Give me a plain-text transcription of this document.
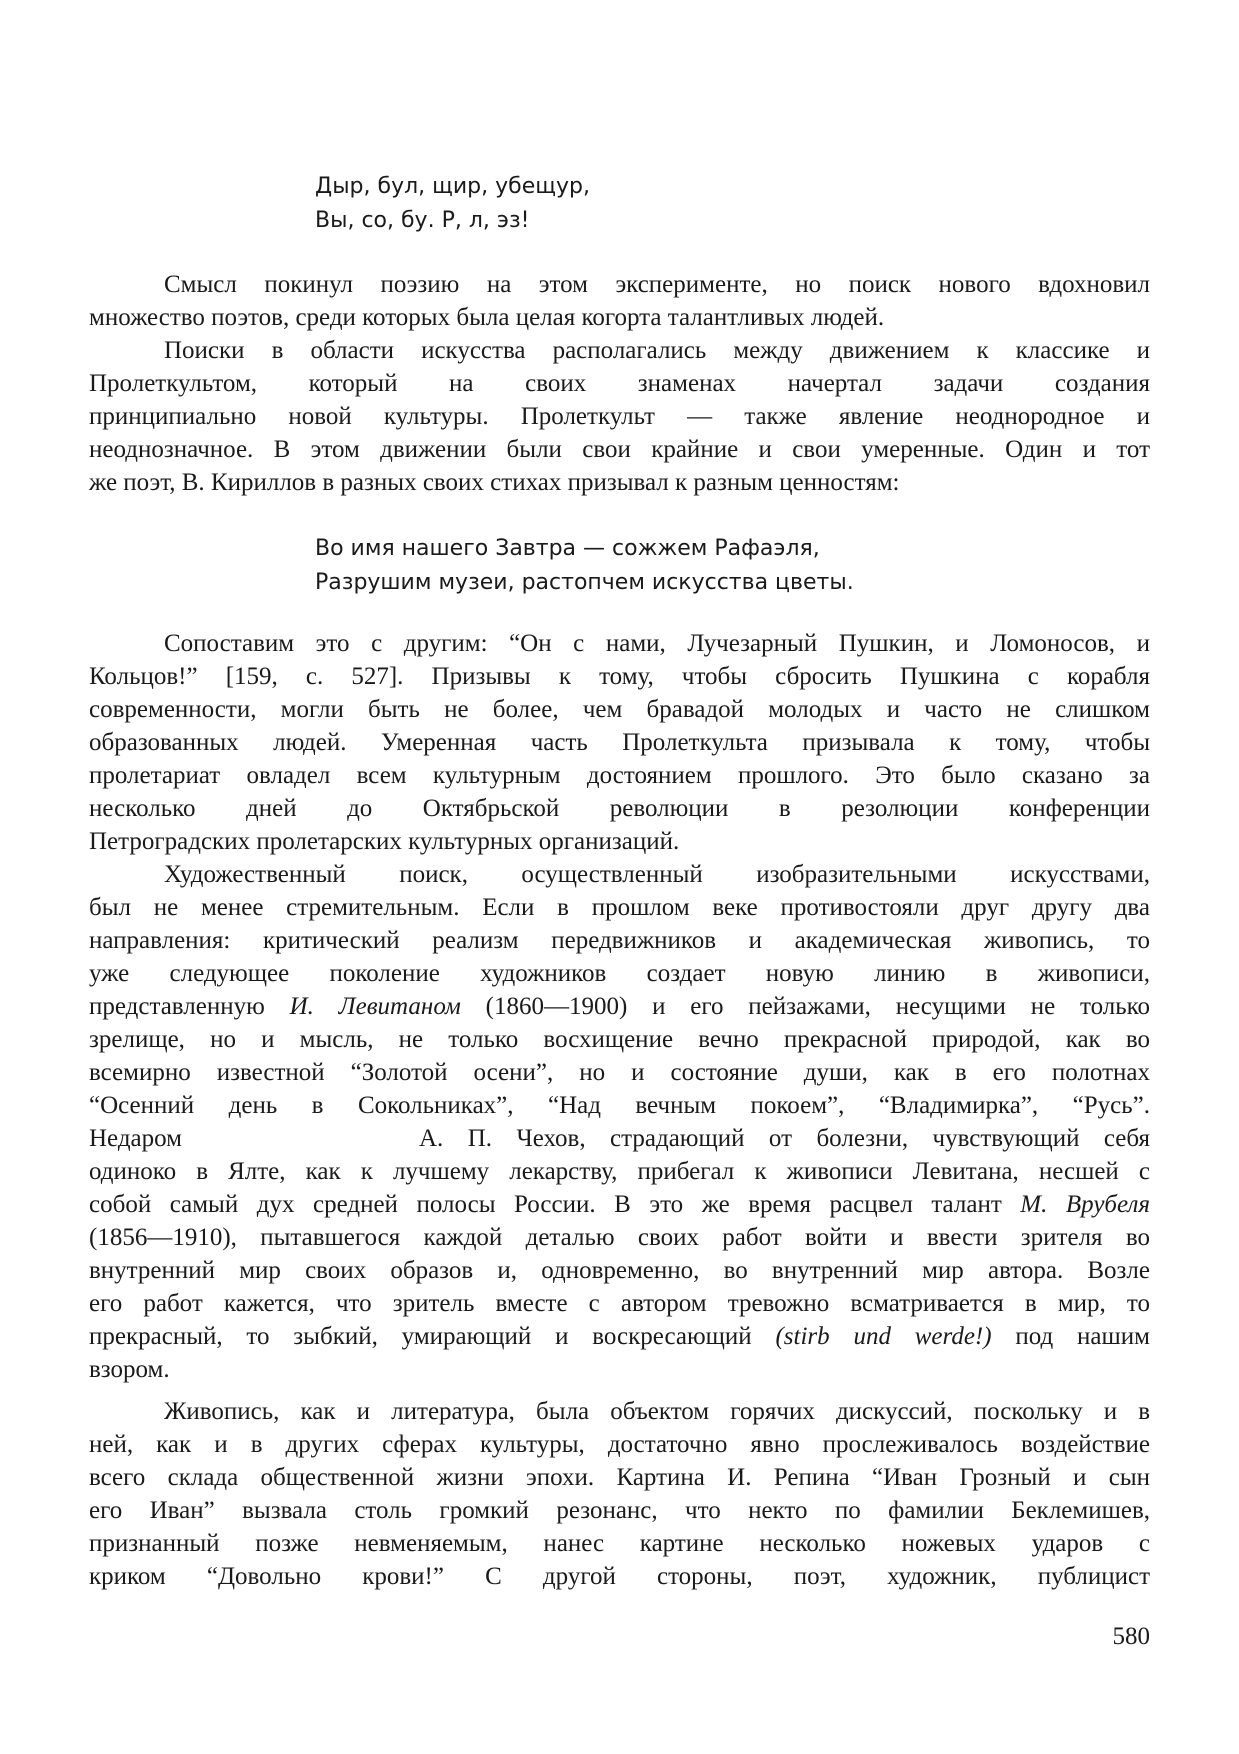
Дыр, бул, щир, убещур,
Вы, со, бу. Р, л, эз!
Смысл покинул поэзию на этом эксперименте, но поиск нового вдохновил
множество поэтов, среди которых была целая когорта талантливых людей.
Поиски в области искусства располагались между движением к классике и
Пролеткультом, который на своих знаменах начертал задачи создания
принципиально новой культуры. Пролеткульт — также явление неоднородное и
неоднозначное. В этом движении были свои крайние и свои умеренные. Один и тот
же поэт, В. Кириллов в разных своих стихах призывал к разным ценностям:
Во имя нашего Завтра — сожжем Рафаэля,
Разрушим музеи, растопчем искусства цветы.
Сопоставим это с другим: “Он с нами, Лучезарный Пушкин, и Ломоносов, и
Кольцов!” [159, с. 527]. Призывы к тому, чтобы сбросить Пушкина с корабля
современности, могли быть не более, чем бравадой молодых и часто не слишком
образованных людей. Умеренная часть Пролеткульта призывала к тому, чтобы
пролетариат овладел всем культурным достоянием прошлого. Это было сказано за
несколько дней до Октябрьской революции в резолюции конференции
Петроградских пролетарских культурных организаций.
Художественный поиск, осуществленный изобразительными искусствами,
был не менее стремительным. Если в прошлом веке противостояли друг другу два
направления: критический реализм передвижников и академическая живопись, то
уже следующее поколение художников создает новую линию в живописи,
представленную И. Левитаном (1860—1900) и его пейзажами, несущими не только
зрелище, но и мысль, не только восхищение вечно прекрасной природой, как во
всемирно известной “Золотой осени”, но и состояние души, как в его полотнах
“Осенний день в Сокольниках”, “Над вечным покоем”, “Владимирка”, “Русь”.
Недаром	А. П. Чехов, страдающий от болезни, чувствующий себя
одиноко в Ялте, как к лучшему лекарству, прибегал к живописи Левитана, несшей с
собой самый дух средней полосы России. В это же время расцвел талант М. Врубеля
(1856—1910), пытавшегося каждой деталью своих работ войти и ввести зрителя во
внутренний мир своих образов и, одновременно, во внутренний мир автора. Возле
его работ кажется, что зритель вместе с автором тревожно всматривается в мир, то
прекрасный, то зыбкий, умирающий и воскресающий (stirb und werde!) под нашим
взором.
Живопись, как и литература, была объектом горячих дискуссий, поскольку и в
ней, как и в других сферах культуры, достаточно явно прослеживалось воздействие
всего склада общественной жизни эпохи. Картина И. Репина “Иван Грозный и сын
его Иван” вызвала столь громкий резонанс, что некто по фамилии Беклемишев,
признанный позже невменяемым, нанес картине несколько ножевых ударов с
криком “Довольно крови!” С другой стороны, поэт, художник, публицист
580
